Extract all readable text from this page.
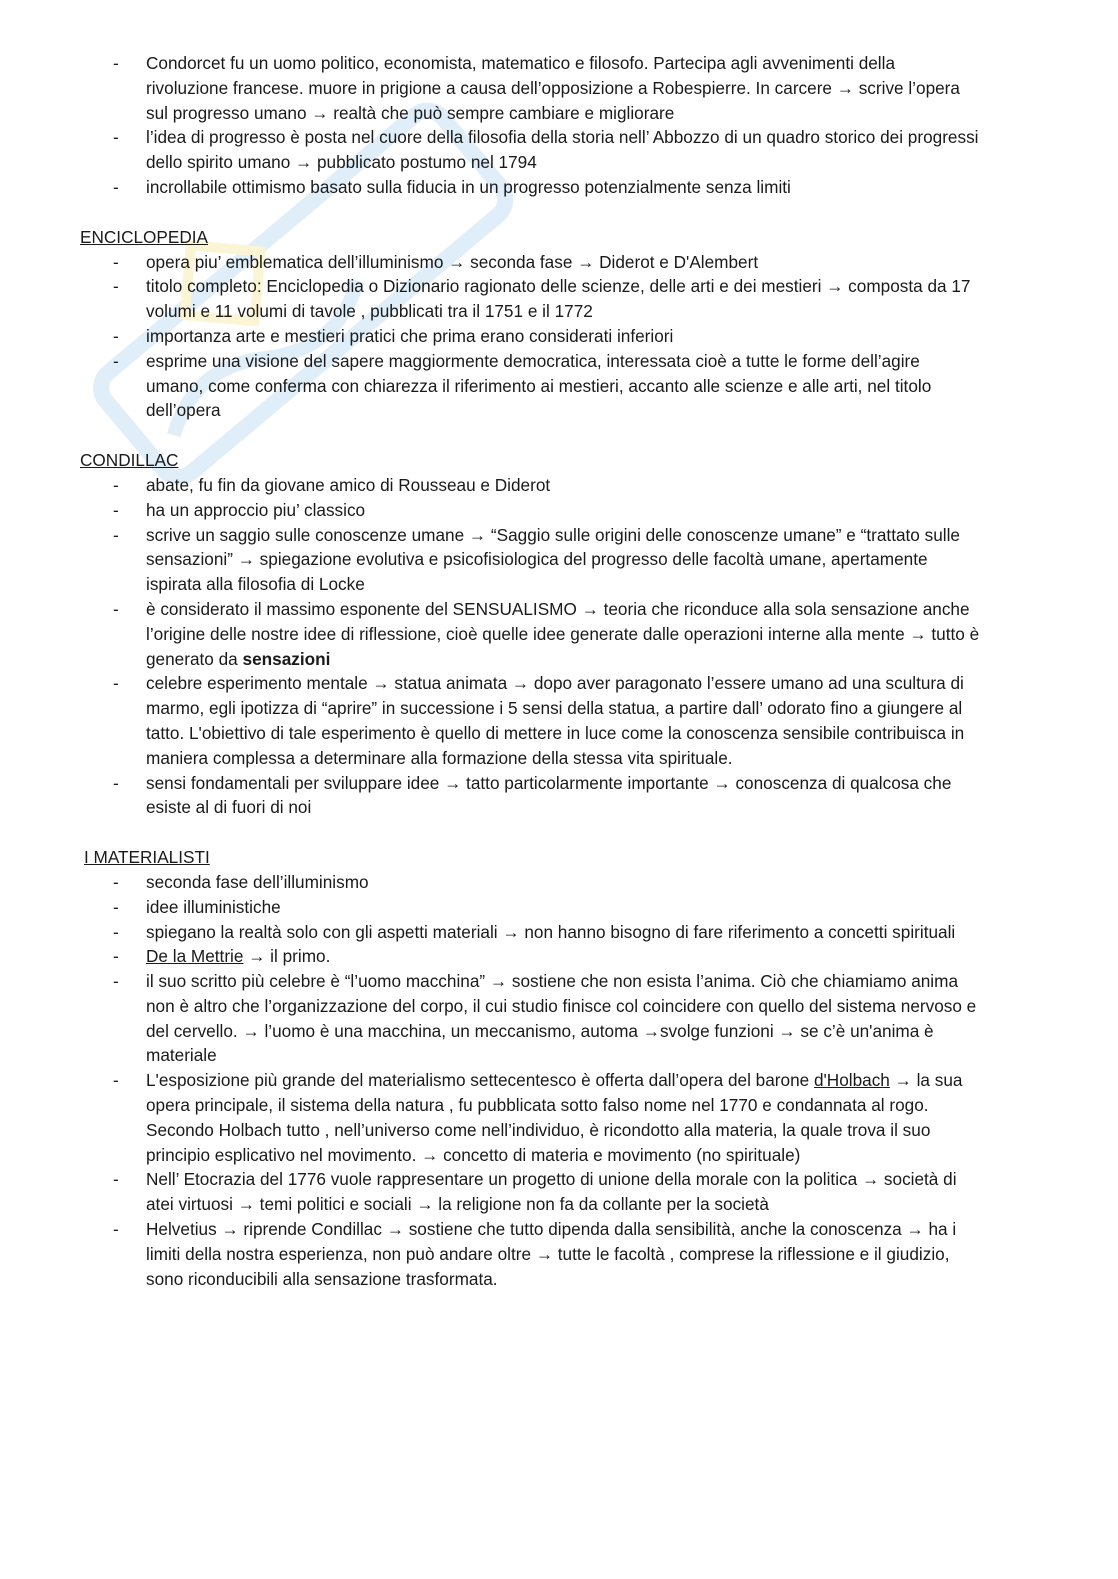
- Condorcet fu un uomo politico, economista, matematico e filosofo. Partecipa agli avvenimenti della rivoluzione francese. muore in prigione a causa dell’opposizione a Robespierre. In carcere → scrive l’opera sul progresso umano → realtà che può sempre cambiare e migliorare
- l’idea di progresso è posta nel cuore della filosofia della storia nell’ Abbozzo di un quadro storico dei progressi dello spirito umano → pubblicato postumo nel 1794
- incrollabile ottimismo basato sulla fiducia in un progresso potenzialmente senza limiti
ENCICLOPEDIA
- opera piu’ emblematica dell’illuminismo → seconda fase → Diderot e D'Alembert
- titolo completo: Enciclopedia o Dizionario ragionato delle scienze, delle arti e dei mestieri → composta da 17 volumi e 11 volumi di tavole , pubblicati tra il 1751 e il 1772
- importanza arte e mestieri pratici che prima erano considerati inferiori
- esprime una visione del sapere maggiormente democratica, interessata cioè a tutte le forme dell’agire umano, come conferma con chiarezza il riferimento ai mestieri, accanto alle scienze e alle arti, nel titolo dell’opera
CONDILLAC
- abate, fu fin da giovane amico di Rousseau e Diderot
- ha un approccio piu’ classico
- scrive un saggio sulle conoscenze umane → “Saggio sulle origini delle conoscenze umane” e “trattato sulle sensazioni” → spiegazione evolutiva e psicofisiologica del progresso delle facoltà umane, apertamente ispirata alla filosofia di Locke
- è considerato il massimo esponente del SENSUALISMO → teoria che riconduce alla sola sensazione anche l’origine delle nostre idee di riflessione, cioè quelle idee generate dalle operazioni interne alla mente → tutto è generato da sensazioni
- celebre esperimento mentale → statua animata → dopo aver paragonato l’essere umano ad una scultura di marmo, egli ipotizza di “aprire” in successione i 5 sensi della statua, a partire dall’ odorato fino a giungere al tatto. L'obiettivo di tale esperimento è quello di mettere in luce come la conoscenza sensibile contribuisca in maniera complessa a determinare alla formazione della stessa vita spirituale.
- sensi fondamentali per sviluppare idee → tatto particolarmente importante → conoscenza di qualcosa che esiste al di fuori di noi
I MATERIALISTI
- seconda fase dell’illuminismo
- idee illuministiche
- spiegano la realtà solo con gli aspetti materiali → non hanno bisogno di fare riferimento a concetti spirituali
- De la Mettrie → il primo.
- il suo scritto più celebre è “l’uomo macchina” → sostiene che non esista l’anima. Ciò che chiamiamo anima non è altro che l’organizzazione del corpo, il cui studio finisce col coincidere con quello del sistema nervoso e del cervello. → l’uomo è una macchina, un meccanismo, automa →svolge funzioni → se c’è un'anima è materiale
- L'esposizione più grande del materialismo settecentesco è offerta dall’opera del barone d'Holbach → la sua opera principale, il sistema della natura , fu pubblicata sotto falso nome nel 1770 e condannata al rogo. Secondo Holbach tutto , nell’universo come nell’individuo, è ricondotto alla materia, la quale trova il suo principio esplicativo nel movimento. → concetto di materia e movimento (no spirituale)
- Nell’ Etocrazia del 1776 vuole rappresentare un progetto di unione della morale con la politica → società di atei virtuosi → temi politici e sociali → la religione non fa da collante per la società
- Helvetius → riprende Condillac → sostiene che tutto dipenda dalla sensibilità, anche la conoscenza → ha i limiti della nostra esperienza, non può andare oltre → tutte le facoltà , comprese la riflessione e il giudizio, sono riconducibili alla sensazione trasformata.
